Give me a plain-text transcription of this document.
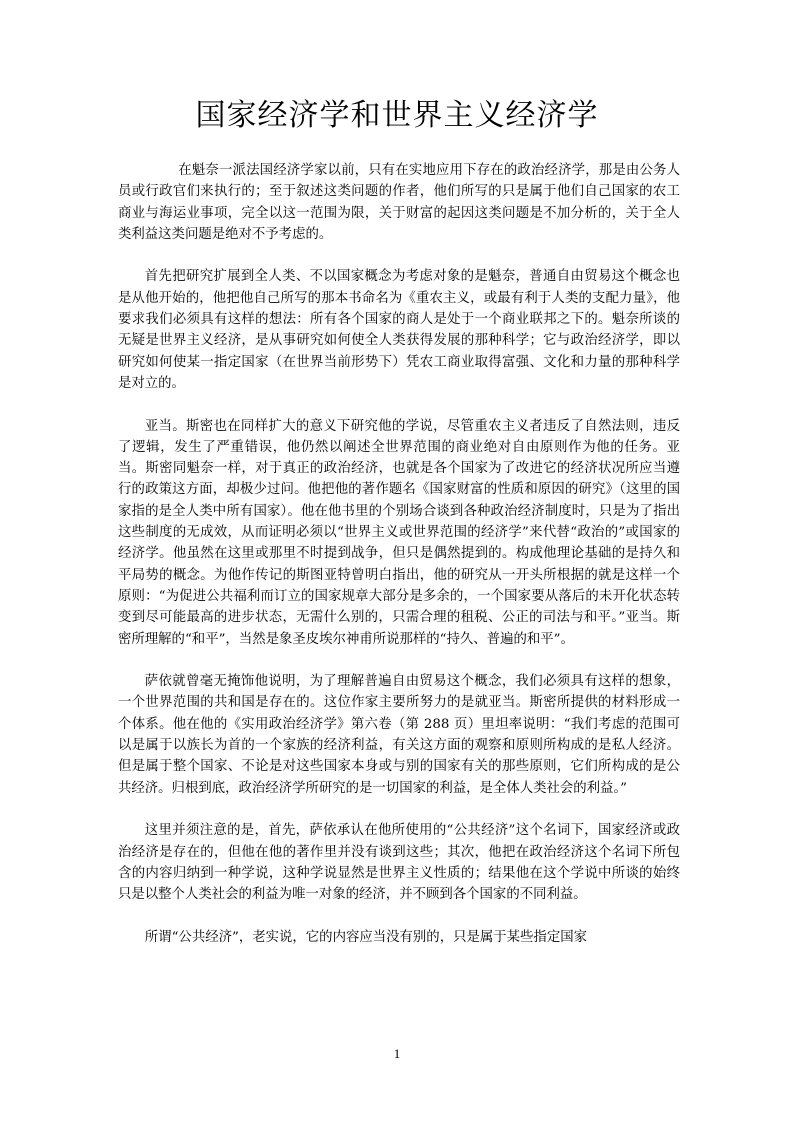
国家经济学和世界主义经济学

在魁奈一派法国经济学家以前，只有在实地应用下存在的政治经济学，那是由公务人员或行政官们来执行的；至于叙述这类问题的作者，他们所写的只是属于他们自己国家的农工商业与海运业事项，完全以这一范围为限，关于财富的起因这类问题是不加分析的，关于全人类利益这类问题是绝对不予考虑的。

首先把研究扩展到全人类、不以国家概念为考虑对象的是魁奈，普通自由贸易这个概念也是从他开始的，他把他自己所写的那本书命名为《重农主义，或最有利于人类的支配力量》，他要求我们必须具有这样的想法：所有各个国家的商人是处于一个商业联邦之下的。魁奈所谈的无疑是世界主义经济，是从事研究如何使全人类获得发展的那种科学；它与政治经济学，即以研究如何使某一指定国家（在世界当前形势下）凭农工商业取得富强、文化和力量的那种科学是对立的。

亚当。斯密也在同样扩大的意义下研究他的学说，尽管重农主义者违反了自然法则，违反了逻辑，发生了严重错误，他仍然以阐述全世界范围的商业绝对自由原则作为他的任务。亚当。斯密同魁奈一样，对于真正的政治经济，也就是各个国家为了改进它的经济状况所应当遵行的政策这方面，却极少过问。他把他的著作题名《国家财富的性质和原因的研究》（这里的国家指的是全人类中所有国家）。他在他书里的个别场合谈到各种政治经济制度时，只是为了指出这些制度的无成效，从而证明必须以“世界主义或世界范围的经济学”来代替“政治的”或国家的经济学。他虽然在这里或那里不时提到战争，但只是偶然提到的。构成他理论基础的是持久和平局势的概念。为他作传记的斯图亚特曾明白指出，他的研究从一开头所根据的就是这样一个原则：“为促进公共福利而订立的国家规章大部分是多余的，一个国家要从落后的未开化状态转变到尽可能最高的进步状态，无需什么别的，只需合理的租税、公正的司法与和平。”亚当。斯密所理解的“和平”，当然是象圣皮埃尔神甫所说那样的“持久、普遍的和平”。

萨依就曾毫无掩饰他说明，为了理解普遍自由贸易这个概念，我们必须具有这样的想象，一个世界范围的共和国是存在的。这位作家主要所努力的是就亚当。斯密所提供的材料形成一个体系。他在他的《实用政治经济学》第六卷（第 288 页）里坦率说明：“我们考虑的范围可以是属于以族长为首的一个家族的经济利益，有关这方面的观察和原则所构成的是私人经济。但是属于整个国家、不论是对这些国家本身或与别的国家有关的那些原则，它们所构成的是公共经济。归根到底，政治经济学所研究的是一切国家的利益，是全体人类社会的利益。”

这里并须注意的是，首先，萨依承认在他所使用的“公共经济”这个名词下，国家经济或政治经济是存在的，但他在他的著作里并没有谈到这些；其次，他把在政治经济这个名词下所包含的内容归纳到一种学说，这种学说显然是世界主义性质的；结果他在这个学说中所谈的始终只是以整个人类社会的利益为唯一对象的经济，并不顾到各个国家的不同利益。

所谓“公共经济”，老实说，它的内容应当没有别的，只是属于某些指定国家

1
